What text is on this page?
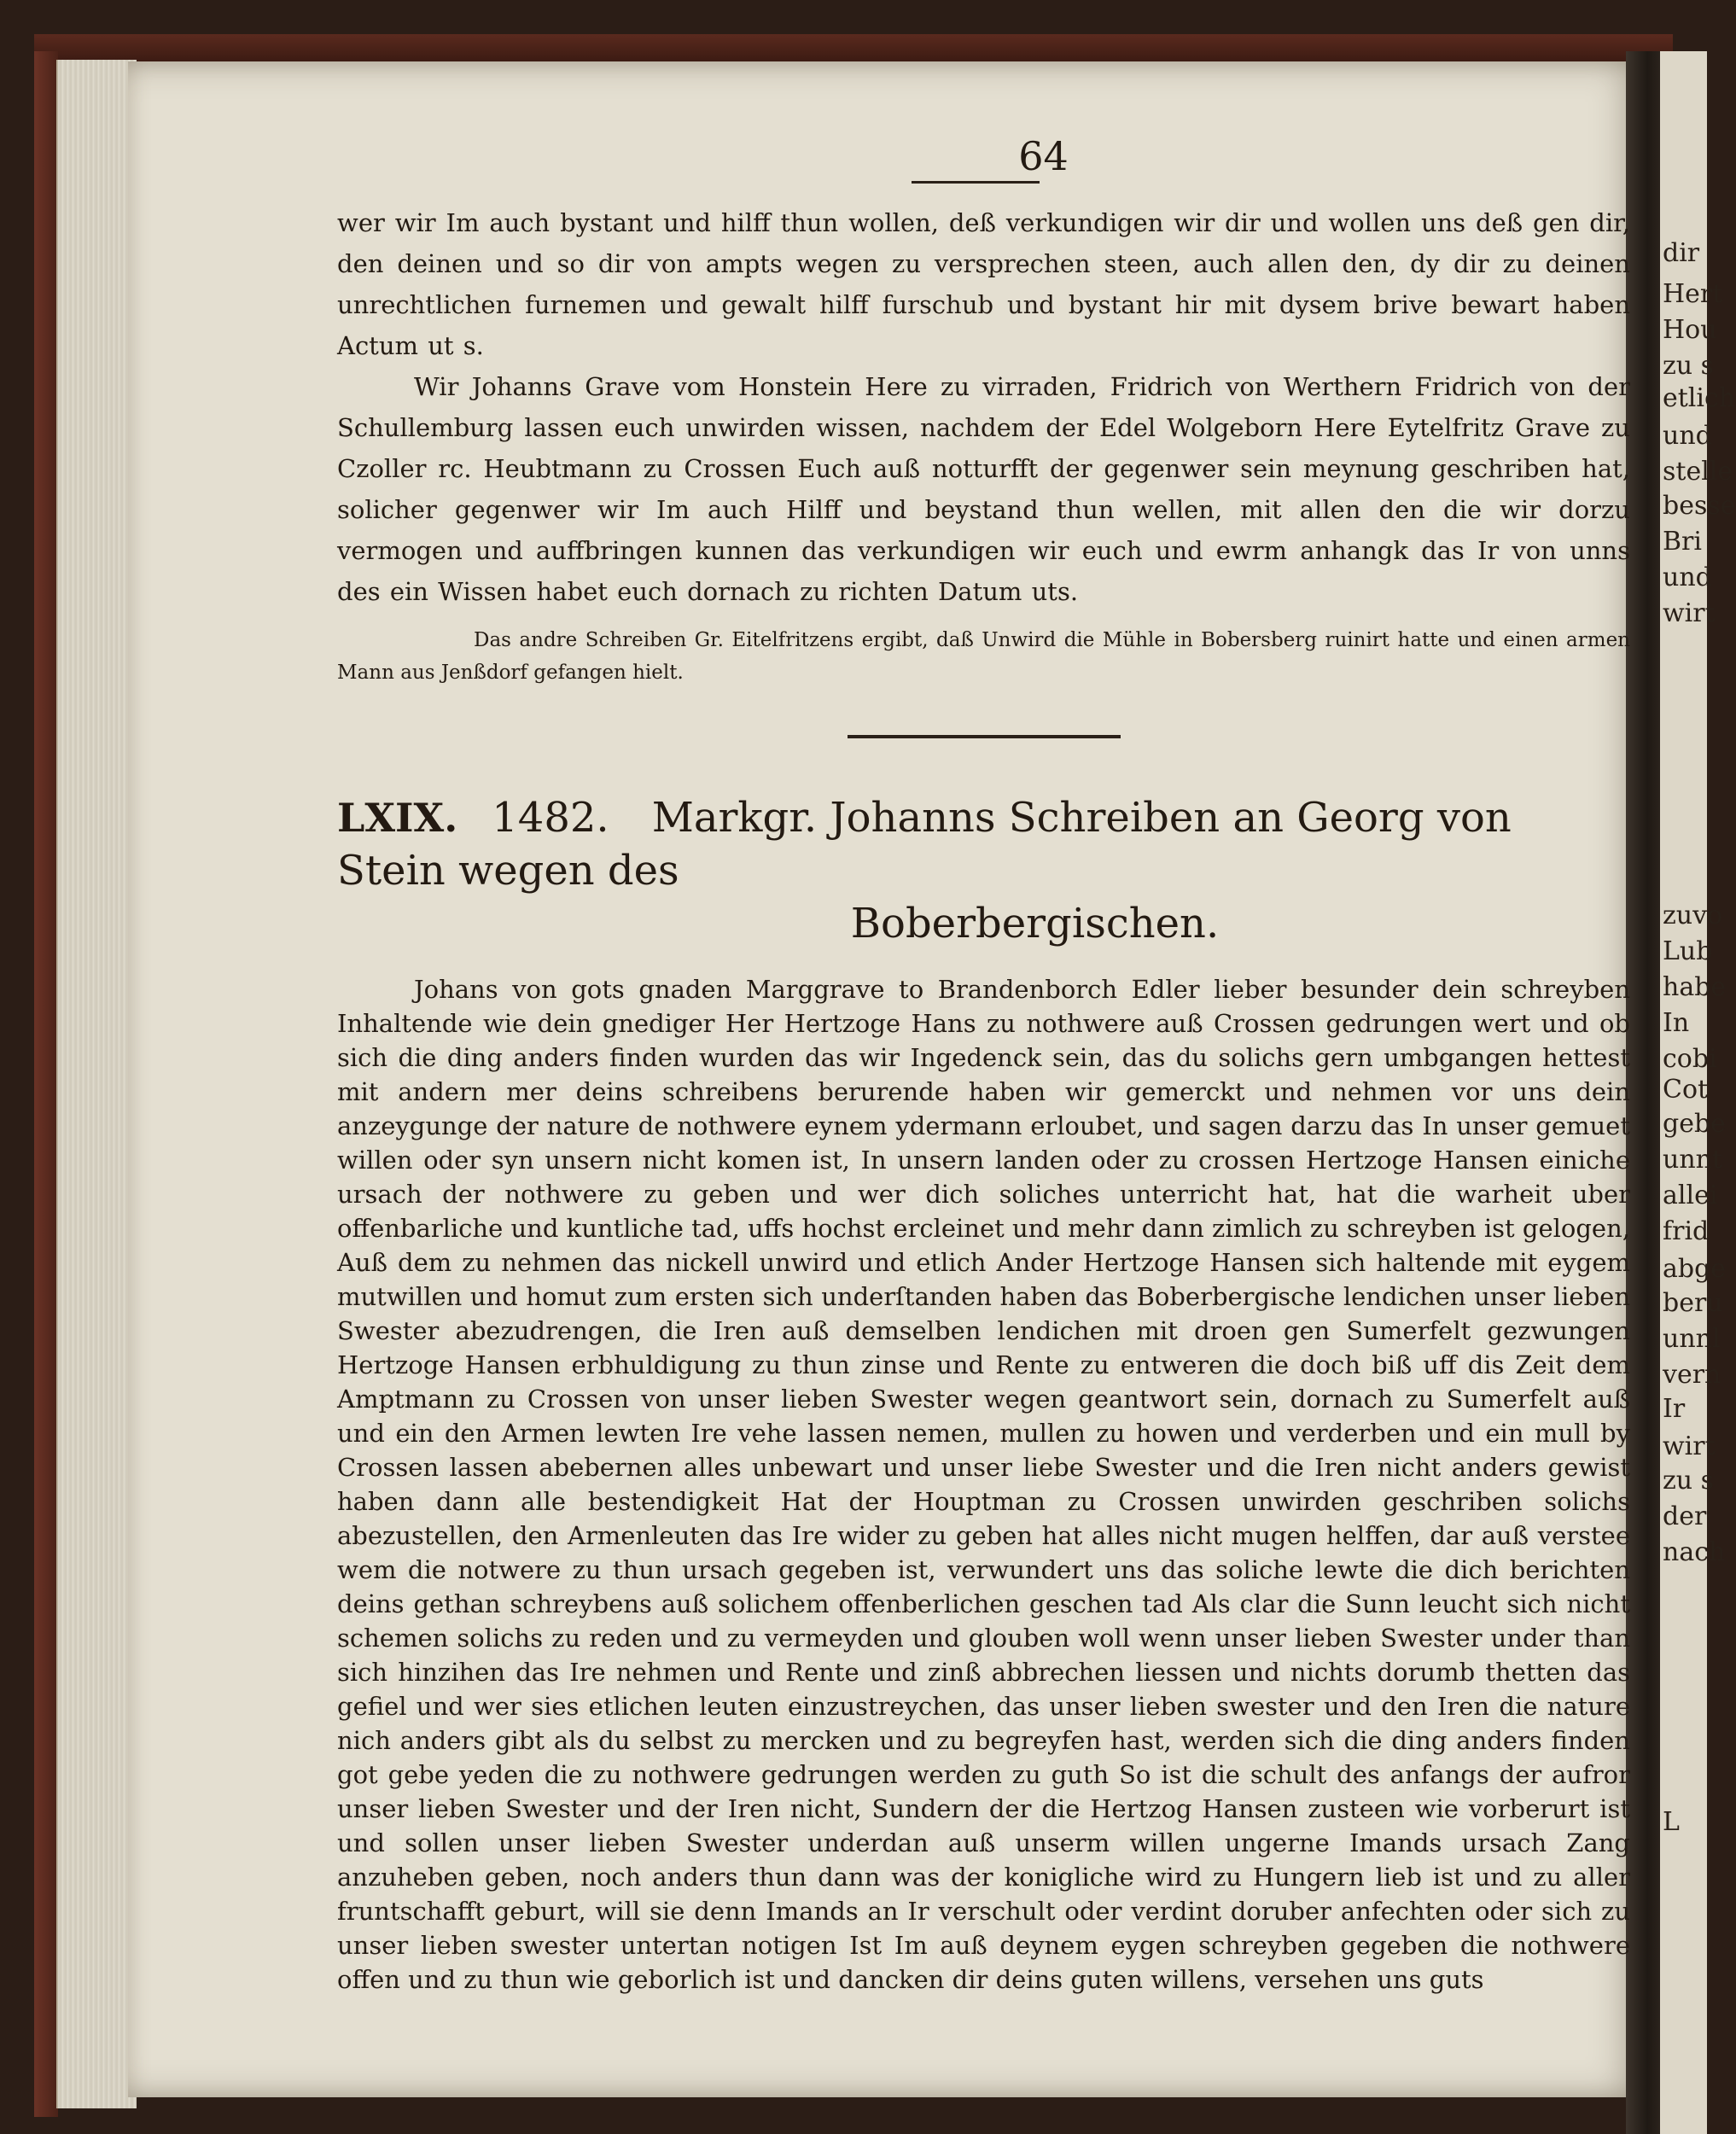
64

wer wir Im auch bystant und hilff thun wollen, deß verkundigen wir dir und wollen uns deß gen dir, den deinen und so dir von ampts wegen zu versprechen steen, auch allen den, dy dir zu deinen unrechtlichen furnemen und gewalt hilff furschub und bystant hir mit dysem brive bewart haben Actum ut s.

Wir Johanns Grave vom Honstein Here zu virraden, Fridrich von Werthern Fridrich von der Schullemburg lassen euch unwirden wissen, nachdem der Edel Wolgeborn Here Eytelfritz Grave zu Czoller rc. Heubtmann zu Crossen Euch auß notturfft der gegenwer sein meynung geschriben hat, solicher gegenwer wir Im auch Hilff und beystand thun wellen, mit allen den die wir dorzu vermogen und auffbringen kunnen das verkundigen wir euch und ewrm anhangk das Ir von unns des ein Wissen habet euch dornach zu richten Datum uts.

Das andre Schreiben Gr. Eitelfritzens ergibt, daß Unwird die Mühle in Bobersberg ruinirt hatte und einen armen Mann aus Jenßdorf gefangen hielt.

LXIX. 1482. Markgr. Johanns Schreiben an Georg von Stein wegen des
Boberbergischen.

Johans von gots gnaden Marggrave to Brandenborch Edler lieber besunder dein schreyben Inhaltende wie dein gnediger Her Hertzoge Hans zu nothwere auß Crossen gedrungen wert und ob sich die ding anders finden wurden das wir Ingedenck sein, das du solichs gern umbgangen hettest mit andern mer deins schreibens berurende haben wir gemerckt und nehmen vor uns dein anzeygunge der nature de nothwere eynem ydermann erloubet, und sagen darzu das In unser gemuet willen oder syn unsern nicht komen ist, In unsern landen oder zu crossen Hertzoge Hansen einiche ursach der nothwere zu geben und wer dich soliches unterricht hat, hat die warheit uber offenbarliche und kuntliche tad, uffs hochst ercleinet und mehr dann zimlich zu schreyben ist gelogen, Auß dem zu nehmen das nickell unwird und etlich Ander Hertzoge Hansen sich haltende mit eygem mutwillen und homut zum ersten sich underſtanden haben das Boberbergische lendichen unser lieben Swester abezudrengen, die Iren auß demselben lendichen mit droen gen Sumerfelt gezwungen Hertzoge Hansen erbhuldigung zu thun zinse und Rente zu entweren die doch biß uff dis Zeit dem Amptmann zu Crossen von unser lieben Swester wegen geantwort sein, dornach zu Sumerfelt auß und ein den Armen lewten Ire vehe lassen nemen, mullen zu howen und verderben und ein mull by Crossen lassen abebernen alles unbewart und unser liebe Swester und die Iren nicht anders gewist haben dann alle bestendigkeit Hat der Houptman zu Crossen unwirden geschriben solichs abezustellen, den Armenleuten das Ire wider zu geben hat alles nicht mugen helffen, dar auß verstee wem die notwere zu thun ursach gegeben ist, verwundert uns das soliche lewte die dich berichten deins gethan schreybens auß solichem offenberlichen geschen tad Als clar die Sunn leucht sich nicht schemen solichs zu reden und zu vermeyden und glouben woll wenn unser lieben Swester under than sich hinzihen das Ire nehmen und Rente und zinß abbrechen liessen und nichts dorumb thetten das gefiel und wer sies etlichen leuten einzustreychen, das unser lieben swester und den Iren die nature nich anders gibt als du selbst zu mercken und zu begreyfen hast, werden sich die ding anders finden got gebe yeden die zu nothwere gedrungen werden zu guth So ist die schult des anfangs der aufror unser lieben Swester und der Iren nicht, Sundern der die Hertzog Hansen zusteen wie vorberurt ist und sollen unser lieben Swester underdan auß unserm willen ungerne Imands ursach Zang anzuheben geben, noch anders thun dann was der konigliche wird zu Hungern lieb ist und zu aller fruntschafft geburt, will sie denn Imands an Ir verschult oder verdint doruber anfechten oder sich zu unser lieben swester untertan notigen Ist Im auß deynem eygen schreyben gegeben die nothwere offen und zu thun wie geborlich ist und dancken dir deins guten willens, versehen uns guts

dir
Hert
Hou
zu s
etlich
und
stelle
besse
Bri
und
wirt
zuvo
Lub
habe
In
cobi
Cot
gebe
unnt
allei
frid
abge
beru
unnl
vern
Ir
wirt
zu s
der
nach
L
